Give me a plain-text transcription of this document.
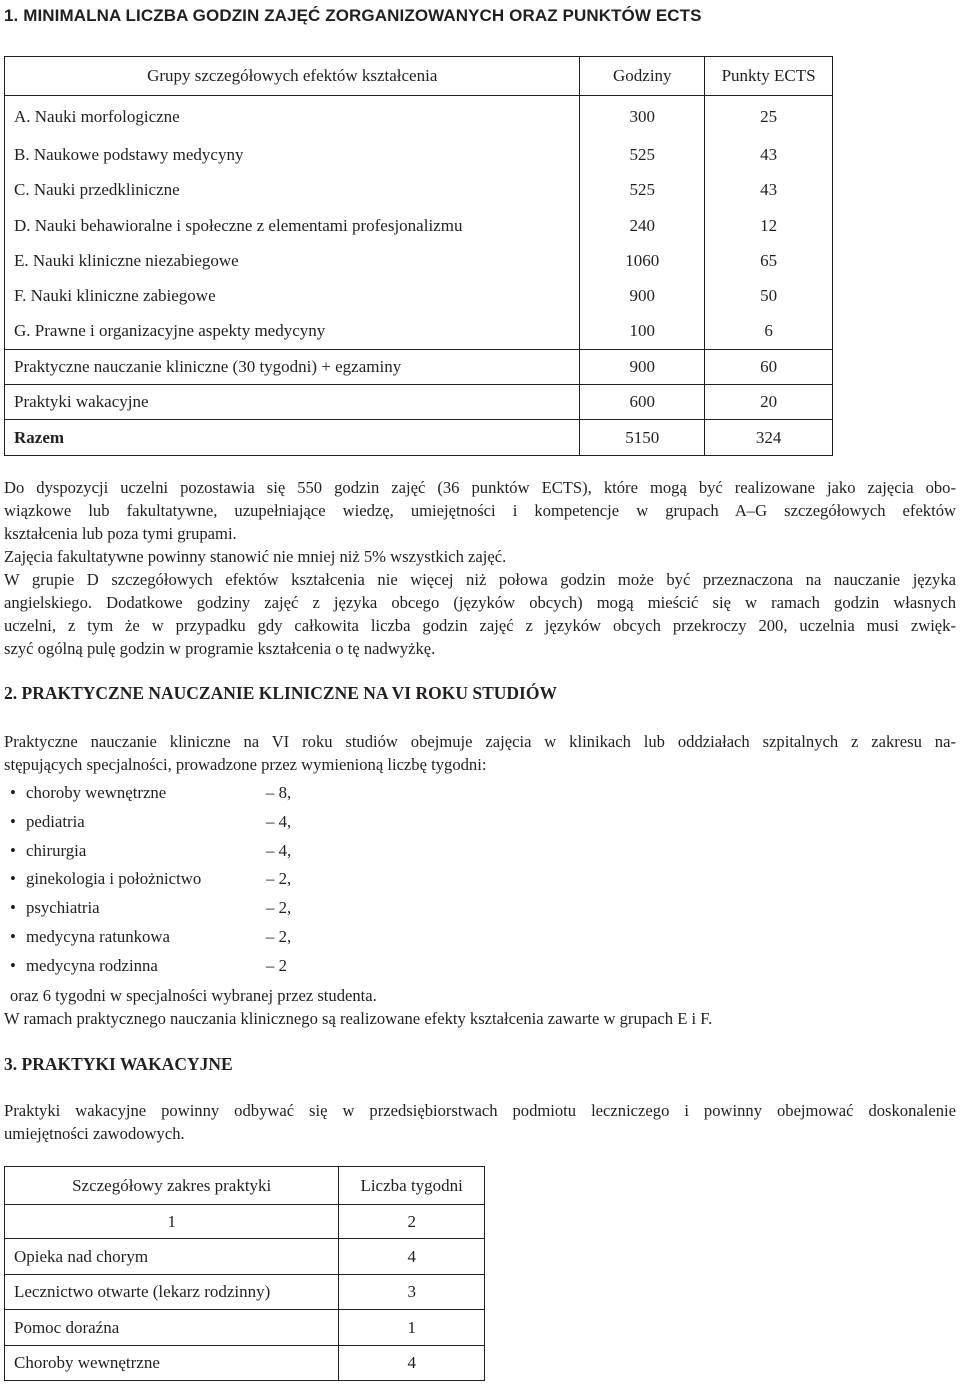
1. MINIMALNA LICZBA GODZIN ZAJĘĆ ZORGANIZOWANYCH ORAZ PUNKTÓW ECTS
Grupy szczegółowych efektów kształcenia	Godziny	Punkty ECTS
A. Nauki morfologiczne	300	25
B. Naukowe podstawy medycyny	525	43
C. Nauki przedkliniczne	525	43
D. Nauki behawioralne i społeczne z elementami profesjonalizmu	240	12
E. Nauki kliniczne niezabiegowe	1060	65
F. Nauki kliniczne zabiegowe	900	50
G. Prawne i organizacyjne aspekty medycyny	100	6
Praktyczne nauczanie kliniczne (30 tygodni) + egzaminy	900	60
Praktyki wakacyjne	600	20
Razem	5150	324
Do dyspozycji uczelni pozostawia się 550 godzin zajęć (36 punktów ECTS), które mogą być realizowane jako zajęcia obo-
wiązkowe lub fakultatywne, uzupełniające wiedzę, umiejętności i kompetencje w grupach A–G szczegółowych efektów
kształcenia lub poza tymi grupami.
Zajęcia fakultatywne powinny stanowić nie mniej niż 5% wszystkich zajęć.
W grupie D szczegółowych efektów kształcenia nie więcej niż połowa godzin może być przeznaczona na nauczanie języka
angielskiego. Dodatkowe godziny zajęć z języka obcego (języków obcych) mogą mieścić się w ramach godzin własnych
uczelni, z tym że w przypadku gdy całkowita liczba godzin zajęć z języków obcych przekroczy 200, uczelnia musi zwięk-
szyć ogólną pulę godzin w programie kształcenia o tę nadwyżkę.
2. PRAKTYCZNE NAUCZANIE KLINICZNE NA VI ROKU STUDIÓW
Praktyczne nauczanie kliniczne na VI roku studiów obejmuje zajęcia w klinikach lub oddziałach szpitalnych z zakresu na-
stępujących specjalności, prowadzone przez wymienioną liczbę tygodni:
• choroby wewnętrzne	– 8,
• pediatria	– 4,
• chirurgia	– 4,
• ginekologia i położnictwo	– 2,
• psychiatria	– 2,
• medycyna ratunkowa	– 2,
• medycyna rodzinna	– 2
oraz 6 tygodni w specjalności wybranej przez studenta.
W ramach praktycznego nauczania klinicznego są realizowane efekty kształcenia zawarte w grupach E i F.
3. PRAKTYKI WAKACYJNE
Praktyki wakacyjne powinny odbywać się w przedsiębiorstwach podmiotu leczniczego i powinny obejmować doskonalenie
umiejętności zawodowych.
Szczegółowy zakres praktyki	Liczba tygodni
1	2
Opieka nad chorym	4
Lecznictwo otwarte (lekarz rodzinny)	3
Pomoc doraźna	1
Choroby wewnętrzne	4
